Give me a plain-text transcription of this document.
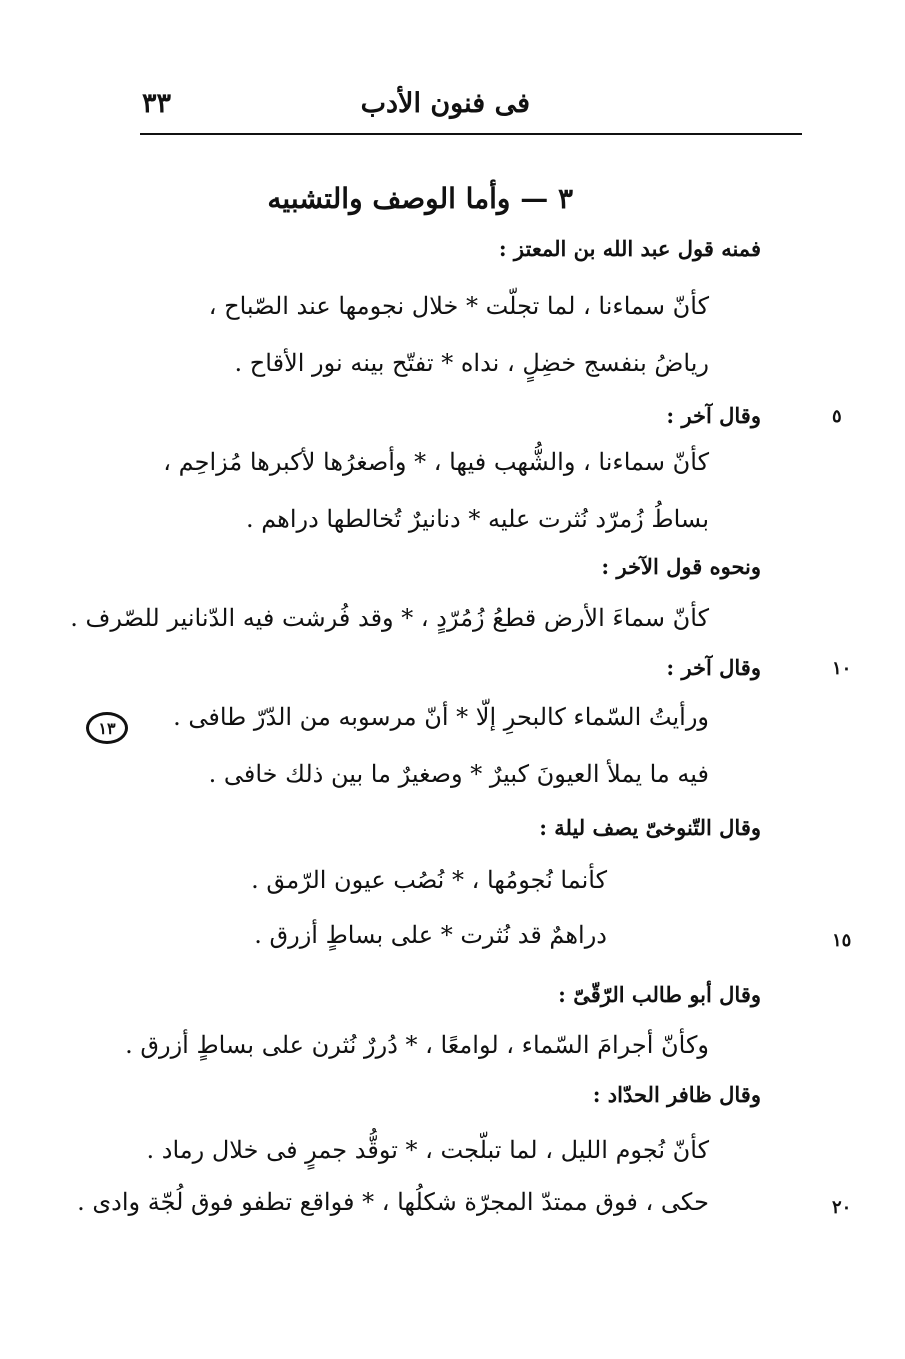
فى فنون الأدب
٣٣
٣ — وأما الوصف والتشبيه
١٣
فمنه قول عبد الله بن المعتز :
كأنّ سماءنا ، لما تجلّت * خلال نجومها عند الصّباح ،
رياضُ بنفسج خضِلٍ ، نداه * تفتّح بينه نور الأقاح .
٥
وقال آخر :
كأنّ سماءنا ، والشُّهب فيها ، * وأصغرُها لأكبرها مُزاحِم ،
بساطُ زُمرّد نُثرت عليه * دنانيرٌ تُخالطها دراهم .
ونحوه قول الآخر :
كأنّ سماءَ الأرض قطعُ زُمُرّدٍ ، * وقد فُرشت فيه الدّنانير للصّرف .
١٠
وقال آخر :
ورأيتُ السّماء كالبحرِ إلّا * أنّ مرسوبه من الدّرّ طافى .
فيه ما يملأ العيونَ كبيرٌ * وصغيرٌ ما بين ذلك خافى .
وقال التّنوخىّ يصف ليلة :
كأنما نُجومُها ، * نُصُب عيون الرّمق .
دراهمٌ قد نُثرت * على بساطٍ أزرق .	١٥
وقال أبو طالب الرّقّىّ :
وكأنّ أجرامَ السّماء ، لوامعًا ، * دُررٌ نُثرن على بساطٍ أزرق .
وقال ظافر الحدّاد :
كأنّ نُجوم الليل ، لما تبلّجت ، * توقُّد جمرٍ فى خلال رماد .
حكى ، فوق ممتدّ المجرّة شكلُها ، * فواقع تطفو فوق لُجّة وادى .	٢٠
